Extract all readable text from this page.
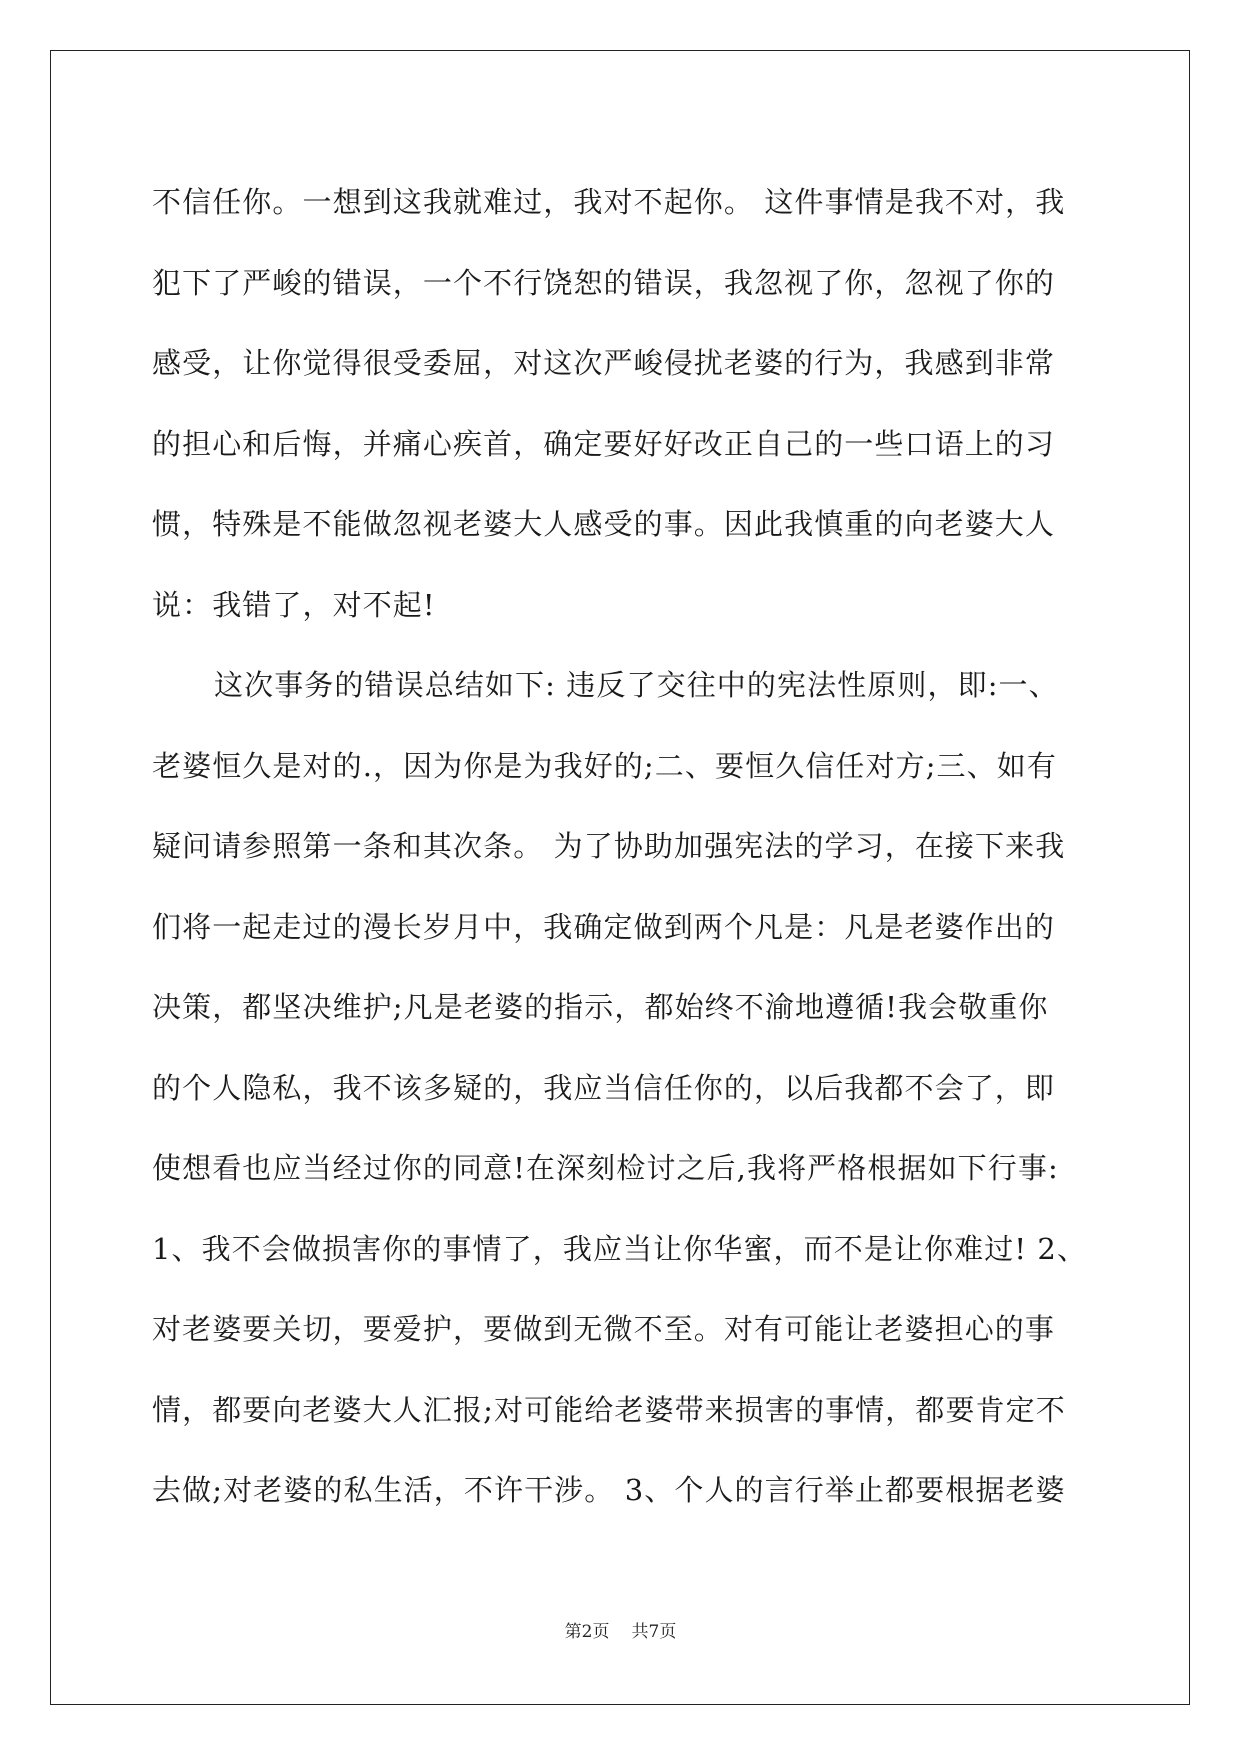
不信任你。一想到这我就难过，我对不起你。 这件事情是我不对，我

犯下了严峻的错误，一个不行饶恕的错误，我忽视了你，忽视了你的

感受，让你觉得很受委屈，对这次严峻侵扰老婆的行为，我感到非常

的担心和后悔，并痛心疾首，确定要好好改正自己的一些口语上的习

惯，特殊是不能做忽视老婆大人感受的事。因此我慎重的向老婆大人

说：我错了，对不起!

这次事务的错误总结如下: 违反了交往中的宪法性原则，即:一、

老婆恒久是对的.，因为你是为我好的;二、要恒久信任对方;三、如有

疑问请参照第一条和其次条。 为了协助加强宪法的学习，在接下来我

们将一起走过的漫长岁月中，我确定做到两个凡是：凡是老婆作出的

决策，都坚决维护;凡是老婆的指示，都始终不渝地遵循!我会敬重你

的个人隐私，我不该多疑的，我应当信任你的，以后我都不会了，即

使想看也应当经过你的同意!在深刻检讨之后,我将严格根据如下行事:

1、我不会做损害你的事情了，我应当让你华蜜，而不是让你难过! 2、

对老婆要关切，要爱护，要做到无微不至。对有可能让老婆担心的事

情，都要向老婆大人汇报;对可能给老婆带来损害的事情，都要肯定不

去做;对老婆的私生活，不许干涉。 3、个人的言行举止都要根据老婆

第2页 共7页
